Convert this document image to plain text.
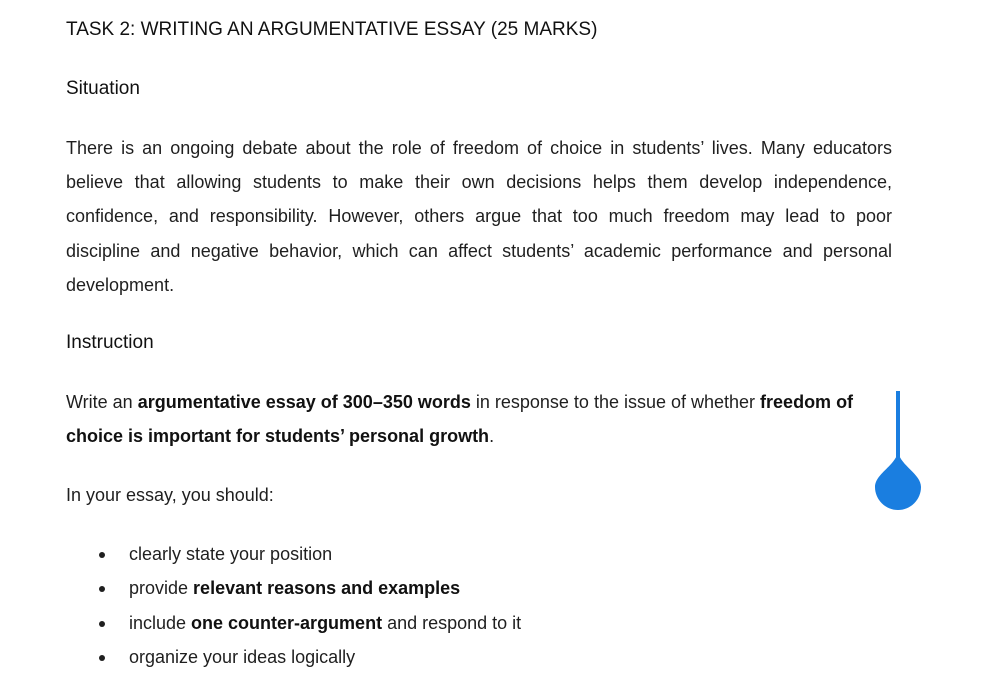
TASK 2: WRITING AN ARGUMENTATIVE ESSAY (25 MARKS)
Situation
There is an ongoing debate about the role of freedom of choice in students’ lives. Many educators believe that allowing students to make their own decisions helps them develop independence, confidence, and responsibility. However, others argue that too much freedom may lead to poor discipline and negative behavior, which can affect students’ academic performance and personal development.
Instruction
Write an argumentative essay of 300–350 words in response to the issue of whether freedom of choice is important for students’ personal growth.
In your essay, you should:
clearly state your position
provide relevant reasons and examples
include one counter-argument and respond to it
organize your ideas logically
